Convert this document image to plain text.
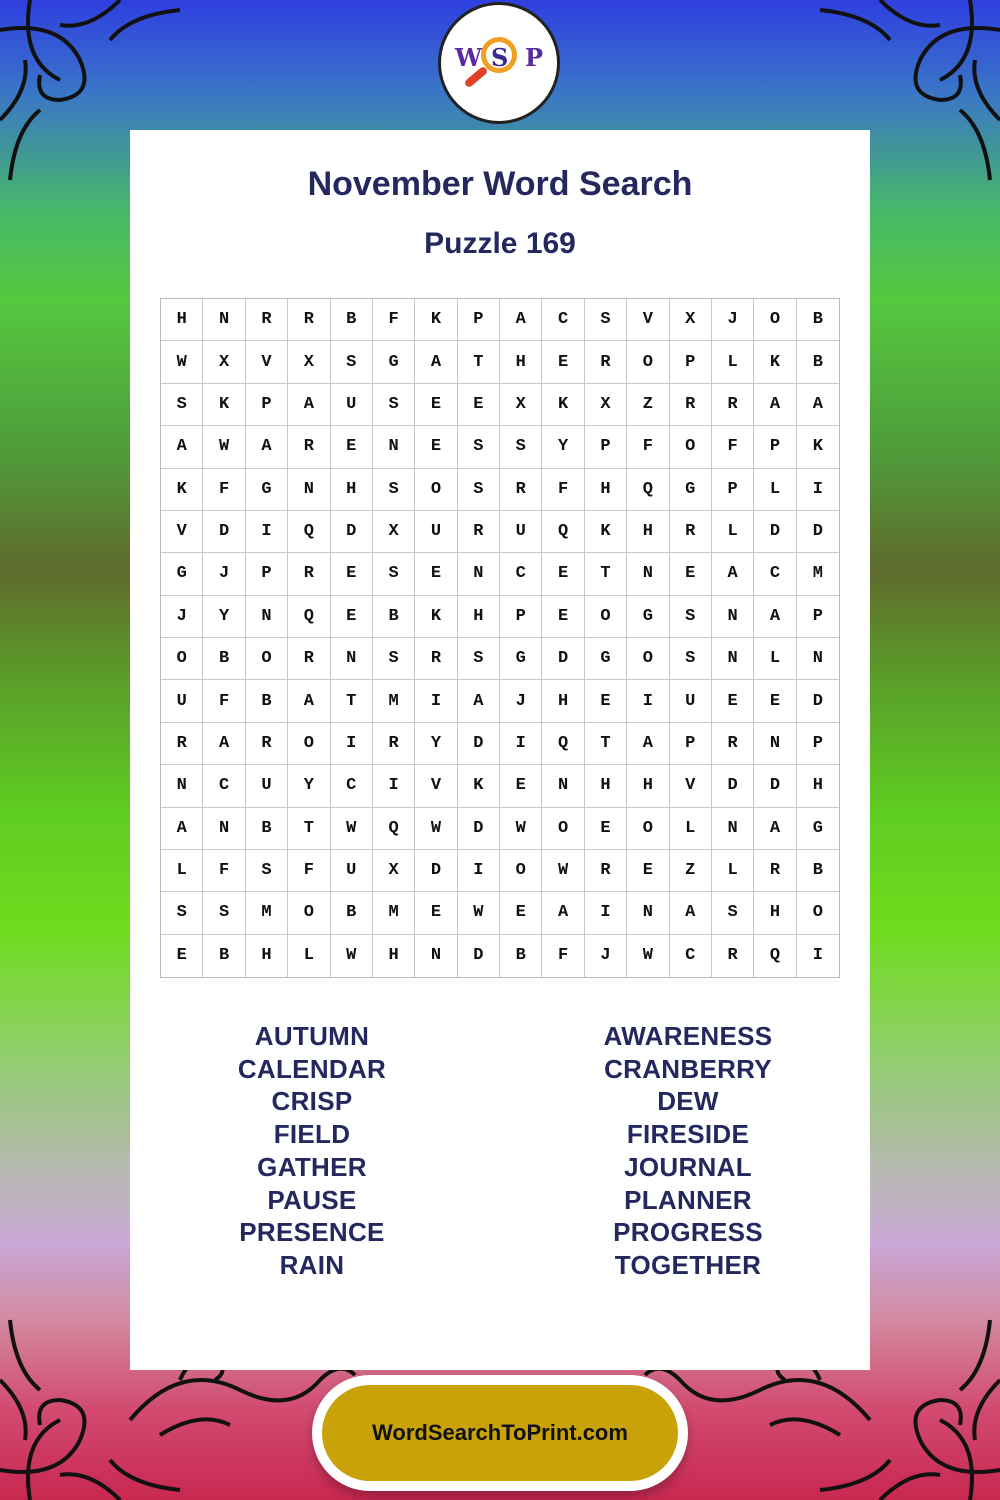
W S P
November Word Search
Puzzle 169
H	N	R	R	B	F	K	P	A	C	S	V	X	J	O	B
W	X	V	X	S	G	A	T	H	E	R	O	P	L	K	B
S	K	P	A	U	S	E	E	X	K	X	Z	R	R	A	A
A	W	A	R	E	N	E	S	S	Y	P	F	O	F	P	K
K	F	G	N	H	S	O	S	R	F	H	Q	G	P	L	I
V	D	I	Q	D	X	U	R	U	Q	K	H	R	L	D	D
G	J	P	R	E	S	E	N	C	E	T	N	E	A	C	M
J	Y	N	Q	E	B	K	H	P	E	O	G	S	N	A	P
O	B	O	R	N	S	R	S	G	D	G	O	S	N	L	N
U	F	B	A	T	M	I	A	J	H	E	I	U	E	E	D
R	A	R	O	I	R	Y	D	I	Q	T	A	P	R	N	P
N	C	U	Y	C	I	V	K	E	N	H	H	V	D	D	H
A	N	B	T	W	Q	W	D	W	O	E	O	L	N	A	G
L	F	S	F	U	X	D	I	O	W	R	E	Z	L	R	B
S	S	M	O	B	M	E	W	E	A	I	N	A	S	H	O
E	B	H	L	W	H	N	D	B	F	J	W	C	R	Q	I
AUTUMN
CALENDAR
CRISP
FIELD
GATHER
PAUSE
PRESENCE
RAIN
AWARENESS
CRANBERRY
DEW
FIRESIDE
JOURNAL
PLANNER
PROGRESS
TOGETHER
WordSearchToPrint.com
